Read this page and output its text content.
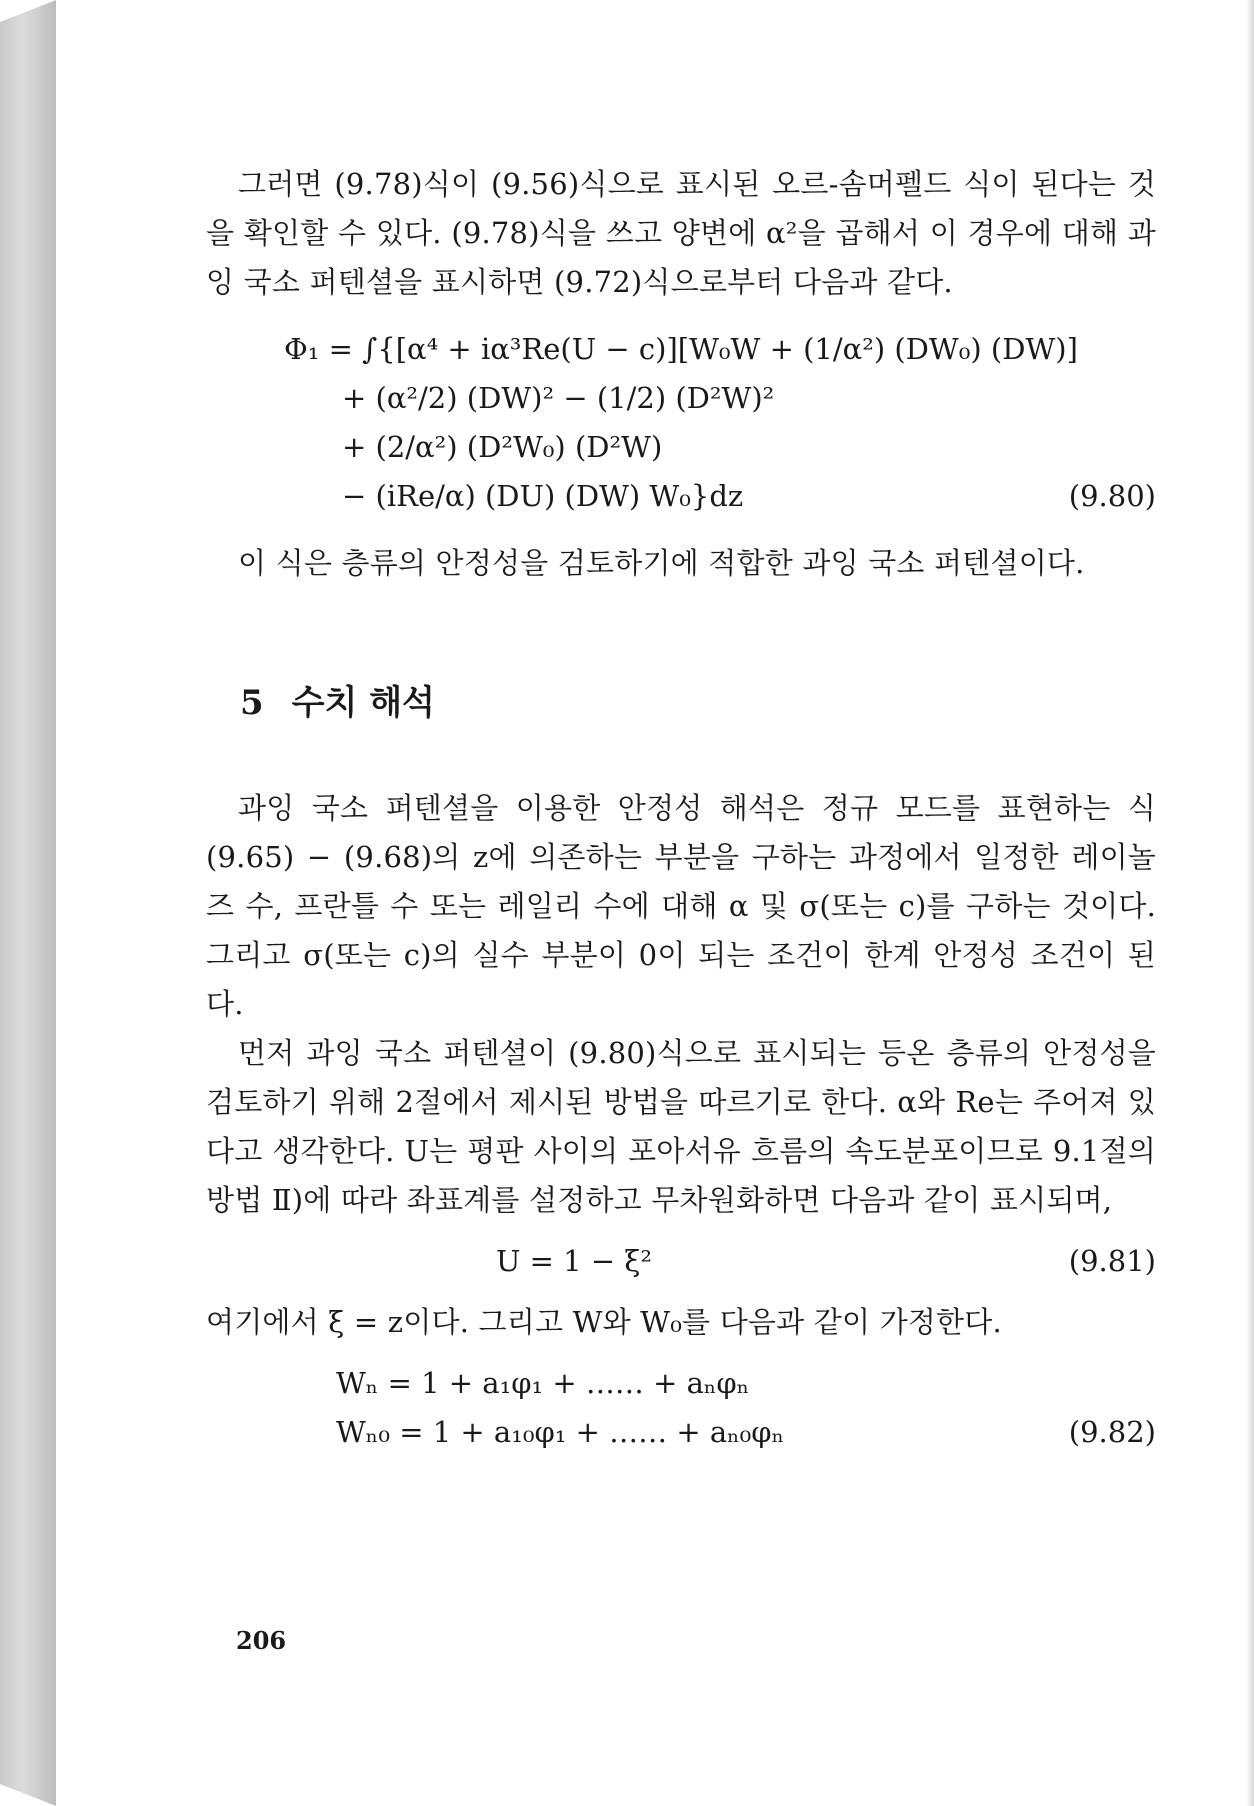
그러면 (9.78)식이 (9.56)식으로 표시된 오르-솜머펠드 식이 된다는 것을 확인할 수 있다. (9.78)식을 쓰고 양변에 α²을 곱해서 이 경우에 대해 과잉 국소 퍼텐셜을 표시하면 (9.72)식으로부터 다음과 같다.

Φ₁ = ∫{[α⁴ + iα³Re(U − c)][W₀W + (1/α²) (DW₀) (DW)]
+ (α²/2) (DW)² − (1/2) (D²W)²
+ (2/α²) (D²W₀) (D²W)
− (iRe/α) (DU) (DW) W₀}dz	(9.80)

이 식은 층류의 안정성을 검토하기에 적합한 과잉 국소 퍼텐셜이다.

5 수치 해석

과잉 국소 퍼텐셜을 이용한 안정성 해석은 정규 모드를 표현하는 식 (9.65) − (9.68)의 z에 의존하는 부분을 구하는 과정에서 일정한 레이놀즈 수, 프란틀 수 또는 레일리 수에 대해 α 및 σ(또는 c)를 구하는 것이다. 그리고 σ(또는 c)의 실수 부분이 0이 되는 조건이 한계 안정성 조건이 된다.

먼저 과잉 국소 퍼텐셜이 (9.80)식으로 표시되는 등온 층류의 안정성을 검토하기 위해 2절에서 제시된 방법을 따르기로 한다. α와 Re는 주어져 있다고 생각한다. U는 평판 사이의 포아서유 흐름의 속도분포이므로 9.1절의 방법 Ⅱ)에 따라 좌표계를 설정하고 무차원화하면 다음과 같이 표시되며,

U = 1 − ξ²	(9.81)

여기에서 ξ = z이다. 그리고 W와 W₀를 다음과 같이 가정한다.

Wₙ = 1 + a₁φ₁ + …… + aₙφₙ
Wₙ₀ = 1 + a₁₀φ₁ + …… + aₙ₀φₙ	(9.82)
206
